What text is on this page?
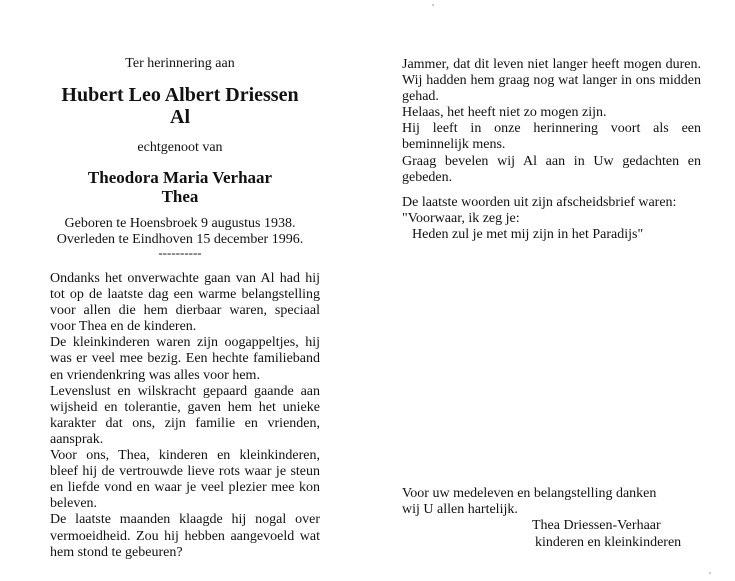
Ter herinnering aan
Hubert Leo Albert Driessen
Al
echtgenoot van
Theodora Maria Verhaar
Thea
Geboren te Hoensbroek 9 augustus 1938.
Overleden te Eindhoven 15 december 1996.
----------

Ondanks het onverwachte gaan van Al had hij tot op de laatste dag een warme belangstelling voor allen die hem dierbaar waren, speciaal voor Thea en de kinderen.

De kleinkinderen waren zijn oogappeltjes, hij was er veel mee bezig. Een hechte familieband en vriendenkring was alles voor hem.

Levenslust en wilskracht gepaard gaande aan wijsheid en tolerantie, gaven hem het unieke karakter dat ons, zijn familie en vrienden, aansprak.

Voor ons, Thea, kinderen en kleinkinderen, bleef hij de vertrouwde lieve rots waar je steun en liefde vond en waar je veel plezier mee kon beleven.

De laatste maanden klaagde hij nogal over vermoeidheid. Zou hij hebben aangevoeld wat hem stond te gebeuren?

Jammer, dat dit leven niet langer heeft mogen duren. Wij hadden hem graag nog wat langer in ons midden gehad.

Helaas, het heeft niet zo mogen zijn.

Hij leeft in onze herinnering voort als een beminnelijk mens.

Graag bevelen wij Al aan in Uw gedachten en gebeden.

De laatste woorden uit zijn afscheidsbrief waren:

"Voorwaar, ik zeg je:

Heden zul je met mij zijn in het Paradijs"

Voor uw medeleven en belangstelling danken

wij U allen hartelijk.

Thea Driessen-Verhaar
kinderen en kleinkinderen
